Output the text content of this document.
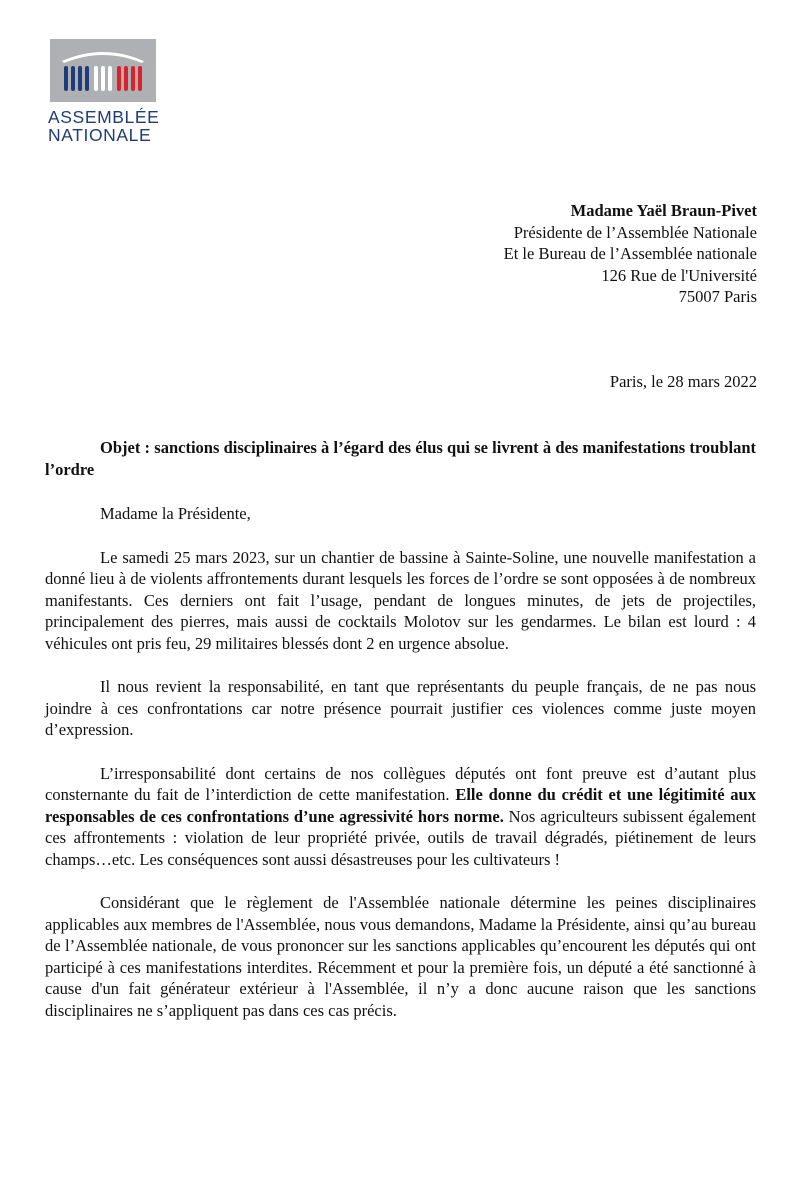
ASSEMBLÉE
NATIONALE
Madame Yaël Braun-Pivet
Présidente de l’Assemblée Nationale
Et le Bureau de l’Assemblée nationale
126 Rue de l'Université
75007 Paris
Paris, le 28 mars 2022

Objet : sanctions disciplinaires à l’égard des élus qui se livrent à des manifestations troublant l’ordre

Madame la Présidente,

Le samedi 25 mars 2023, sur un chantier de bassine à Sainte-Soline, une nouvelle manifestation a donné lieu à de violents affrontements durant lesquels les forces de l’ordre se sont opposées à de nombreux manifestants. Ces derniers ont fait l’usage, pendant de longues minutes, de jets de projectiles, principalement des pierres, mais aussi de cocktails Molotov sur les gendarmes. Le bilan est lourd : 4 véhicules ont pris feu, 29 militaires blessés dont 2 en urgence absolue.

Il nous revient la responsabilité, en tant que représentants du peuple français, de ne pas nous joindre à ces confrontations car notre présence pourrait justifier ces violences comme juste moyen d’expression.

L’irresponsabilité dont certains de nos collègues députés ont font preuve est d’autant plus consternante du fait de l’interdiction de cette manifestation. Elle donne du crédit et une légitimité aux responsables de ces confrontations d’une agressivité hors norme. Nos agriculteurs subissent également ces affrontements : violation de leur propriété privée, outils de travail dégradés, piétinement de leurs champs…etc. Les conséquences sont aussi désastreuses pour les cultivateurs !

Considérant que le règlement de l'Assemblée nationale détermine les peines disciplinaires applicables aux membres de l'Assemblée, nous vous demandons, Madame la Présidente, ainsi qu’au bureau de l’Assemblée nationale, de vous prononcer sur les sanctions applicables qu’encourent les députés qui ont participé à ces manifestations interdites. Récemment et pour la première fois, un député a été sanctionné à cause d'un fait générateur extérieur à l'Assemblée, il n’y a donc aucune raison que les sanctions disciplinaires ne s’appliquent pas dans ces cas précis.
